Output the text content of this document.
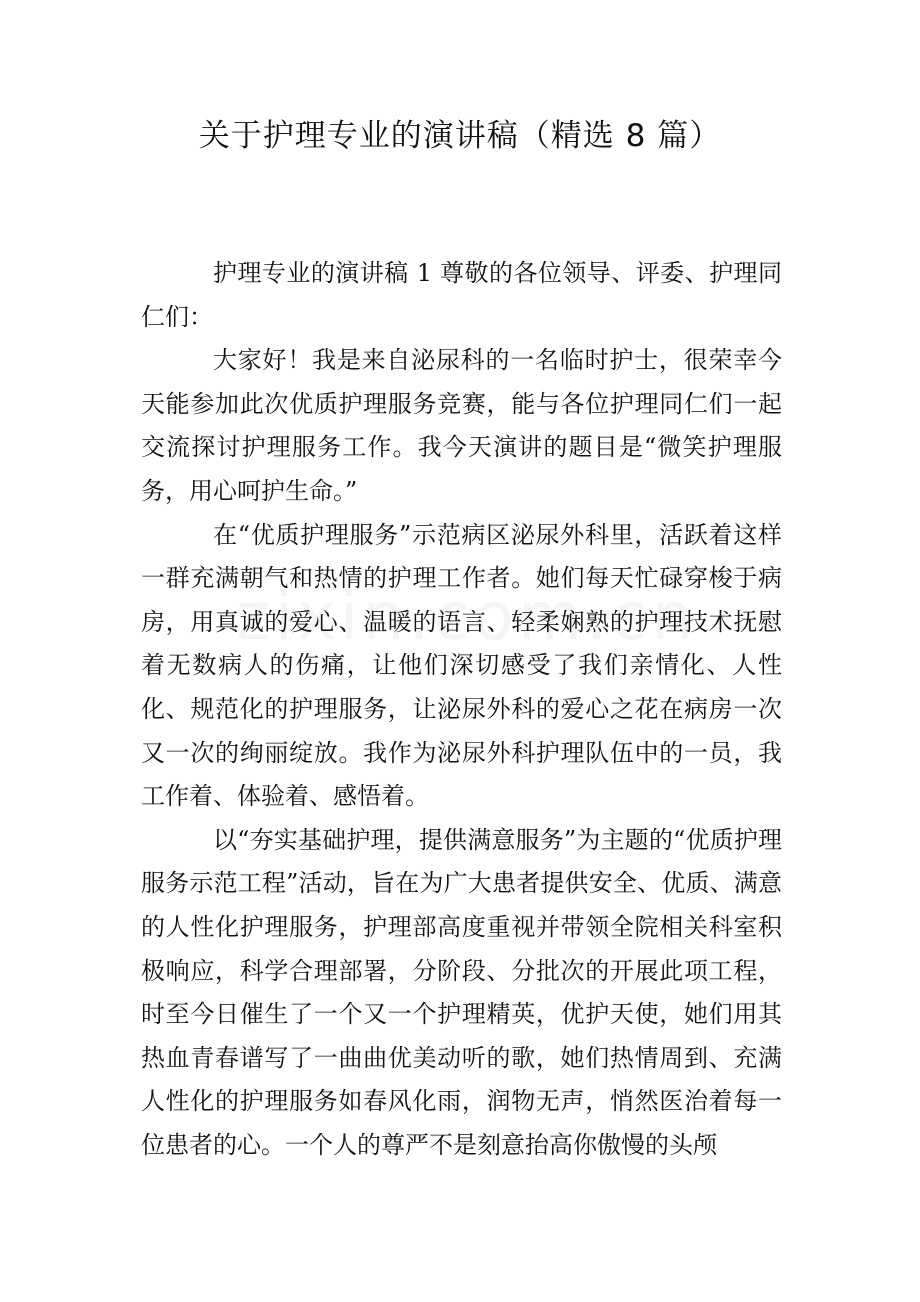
关于护理专业的演讲稿（精选 8 篇）

护理专业的演讲稿 1 尊敬的各位领导、评委、护理同仁们：

大家好！我是来自泌尿科的一名临时护士，很荣幸今天能参加此次优质护理服务竞赛，能与各位护理同仁们一起交流探讨护理服务工作。我今天演讲的题目是“微笑护理服务，用心呵护生命。”

在“优质护理服务”示范病区泌尿外科里，活跃着这样一群充满朝气和热情的护理工作者。她们每天忙碌穿梭于病房，用真诚的爱心、温暖的语言、轻柔娴熟的护理技术抚慰着无数病人的伤痛，让他们深切感受了我们亲情化、人性化、规范化的护理服务，让泌尿外科的爱心之花在病房一次又一次的绚丽绽放。我作为泌尿外科护理队伍中的一员，我工作着、体验着、感悟着。

以“夯实基础护理，提供满意服务”为主题的“优质护理服务示范工程”活动，旨在为广大患者提供安全、优质、满意的人性化护理服务，护理部高度重视并带领全院相关科室积极响应，科学合理部署，分阶段、分批次的开展此项工程，时至今日催生了一个又一个护理精英，优护天使，她们用其热血青春谱写了一曲曲优美动听的歌，她们热情周到、充满人性化的护理服务如春风化雨，润物无声，悄然医治着每一位患者的心。一个人的尊严不是刻意抬高你傲慢的头颅
